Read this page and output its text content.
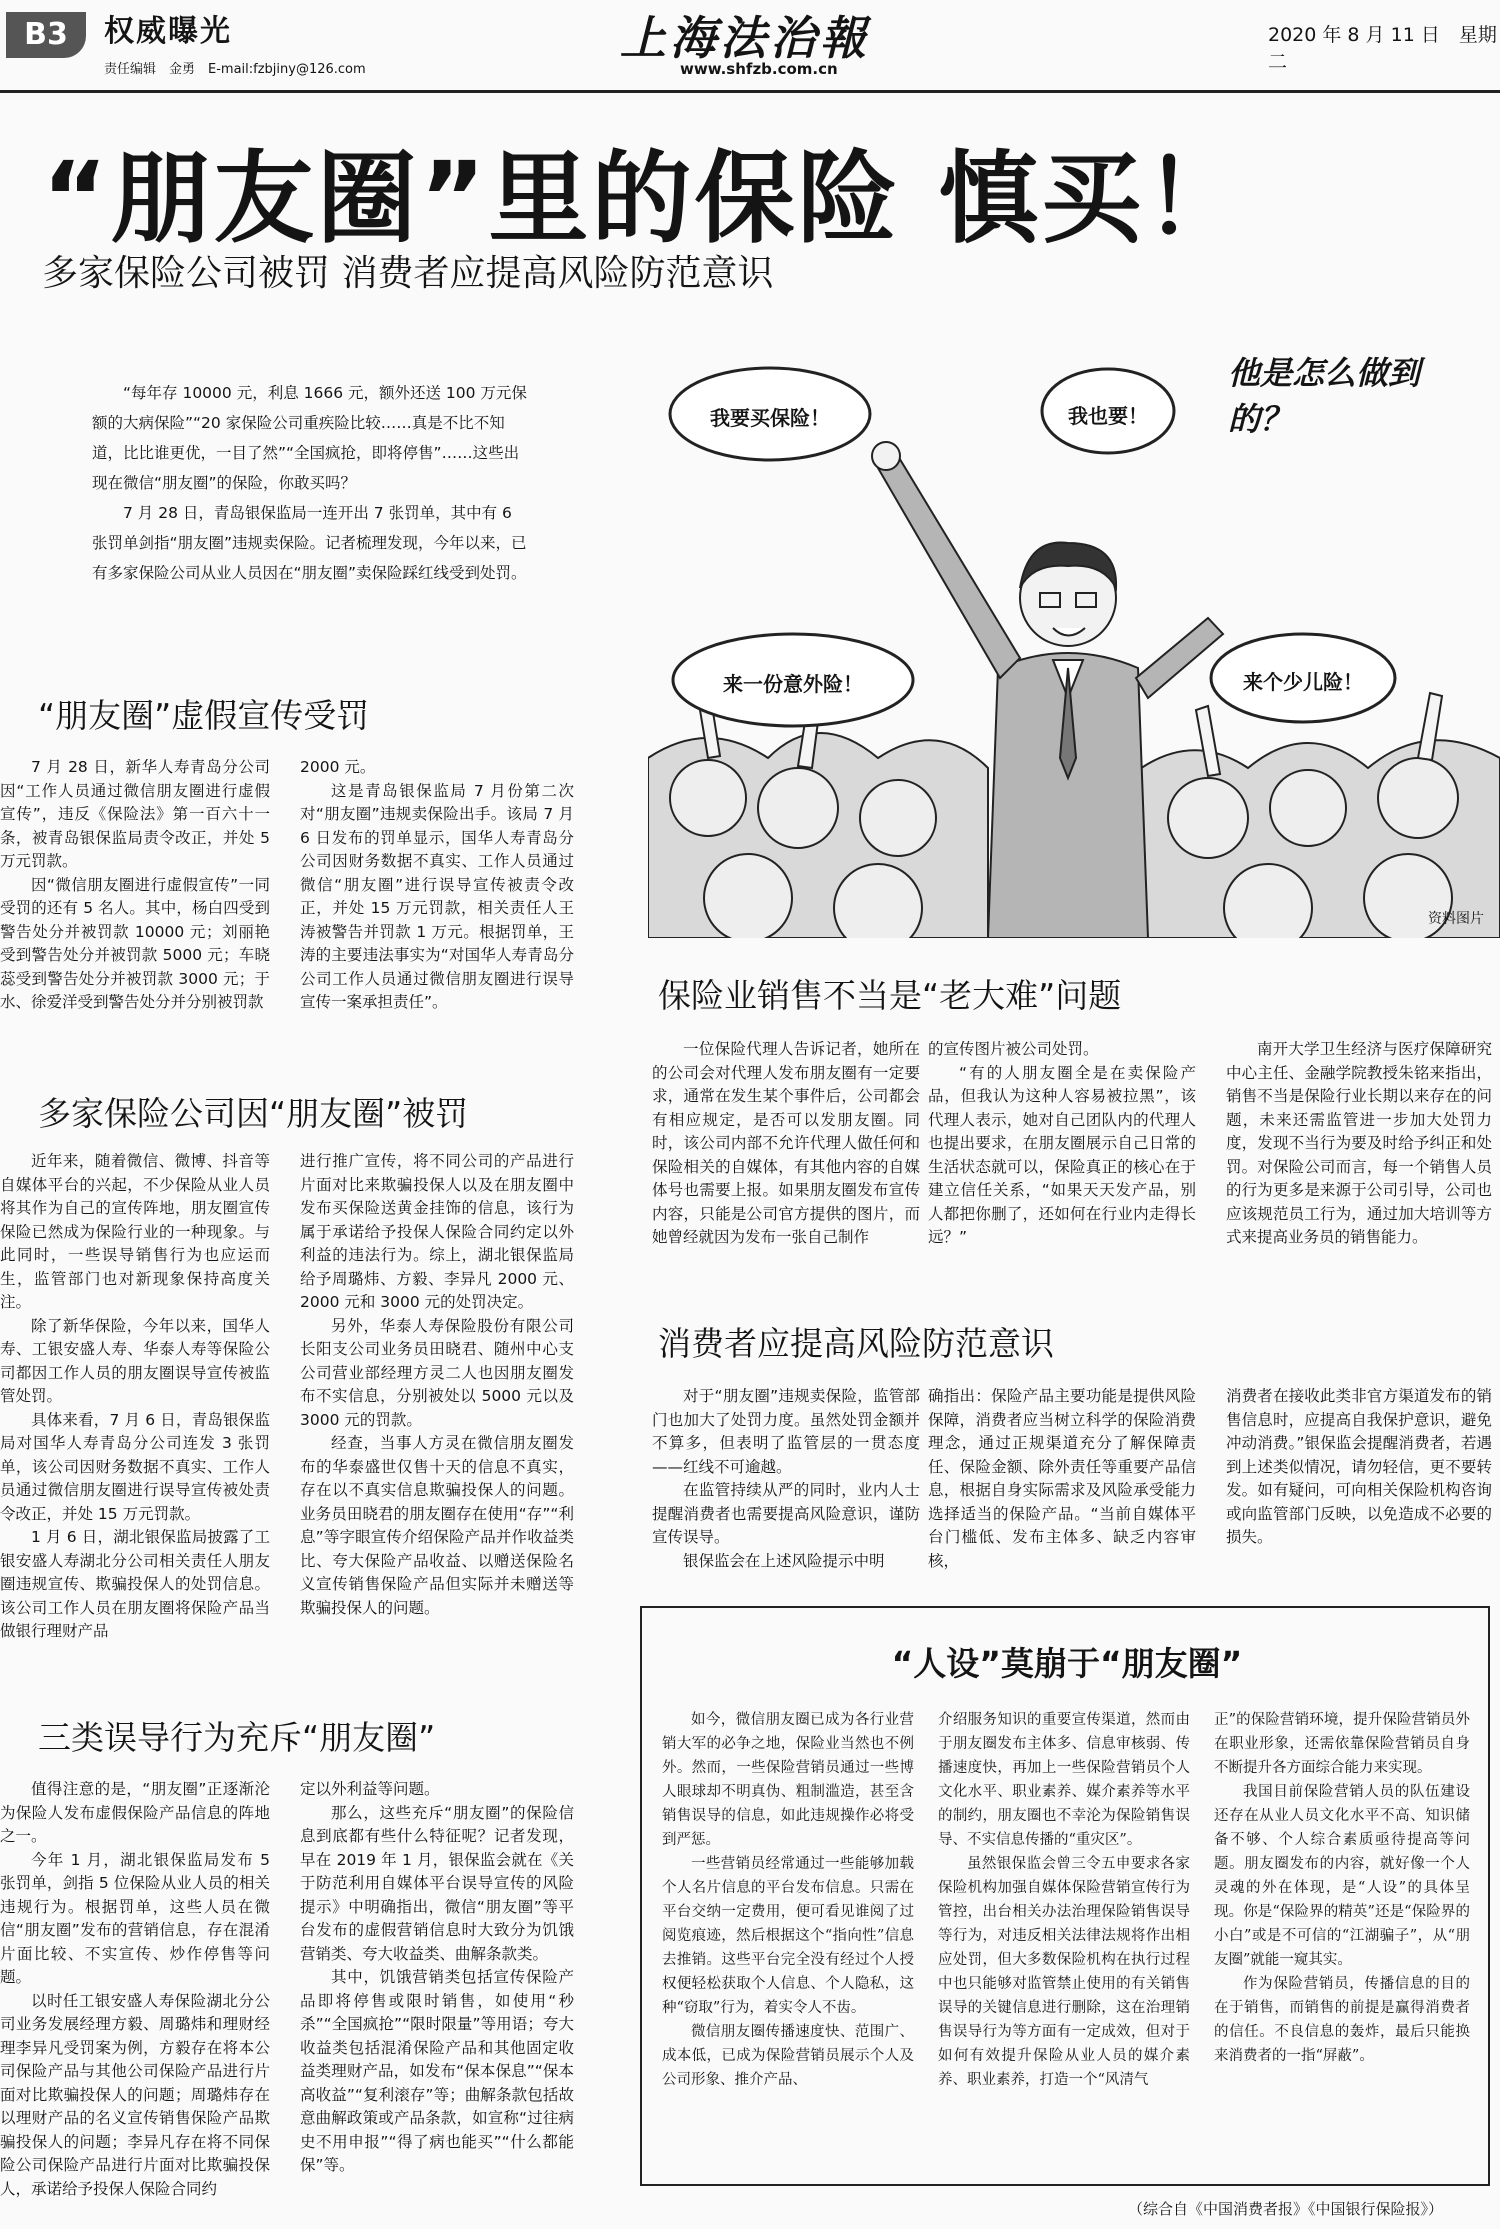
B3	权威曝光
责任编辑　金勇　E-mail:fzbjiny@126.com
上海法治報
www.shfzb.com.cn
2020 年 8 月 11 日　星期二
“朋友圈”里的保险 慎买！
多家保险公司被罚 消费者应提高风险防范意识

“每年存 10000 元，利息 1666 元，额外还送 100 万元保额的大病保险”“20 家保险公司重疾险比较……真是不比不知道，比比谁更优，一目了然”“全国疯抢，即将停售”……这些出现在微信“朋友圈”的保险，你敢买吗？

7 月 28 日，青岛银保监局一连开出 7 张罚单，其中有 6 张罚单剑指“朋友圈”违规卖保险。记者梳理发现，今年以来，已有多家保险公司从业人员因在“朋友圈”卖保险踩红线受到处罚。

我要买保险！	我也要！
他是怎么做到的？
来一份意外险！	来个少儿险！
资料图片
“朋友圈”虚假宣传受罚

7 月 28 日，新华人寿青岛分公司因“工作人员通过微信朋友圈进行虚假宣传”，违反《保险法》第一百六十一条，被青岛银保监局责令改正，并处 5 万元罚款。

因“微信朋友圈进行虚假宣传”一同受罚的还有 5 名人。其中，杨白四受到警告处分并被罚款 10000 元；刘丽艳受到警告处分并被罚款 5000 元；车晓蕊受到警告处分并被罚款 3000 元；于水、徐爱洋受到警告处分并分别被罚款

2000 元。

这是青岛银保监局 7 月份第二次对“朋友圈”违规卖保险出手。该局 7 月 6 日发布的罚单显示，国华人寿青岛分公司因财务数据不真实、工作人员通过微信“朋友圈”进行误导宣传被责令改正，并处 15 万元罚款，相关责任人王涛被警告并罚款 1 万元。根据罚单，王涛的主要违法事实为“对国华人寿青岛分公司工作人员通过微信朋友圈进行误导宣传一案承担责任”。

多家保险公司因“朋友圈”被罚

近年来，随着微信、微博、抖音等自媒体平台的兴起，不少保险从业人员将其作为自己的宣传阵地，朋友圈宣传保险已然成为保险行业的一种现象。与此同时，一些误导销售行为也应运而生，监管部门也对新现象保持高度关注。

除了新华保险，今年以来，国华人寿、工银安盛人寿、华泰人寿等保险公司都因工作人员的朋友圈误导宣传被监管处罚。

具体来看，7 月 6 日，青岛银保监局对国华人寿青岛分公司连发 3 张罚单，该公司因财务数据不真实、工作人员通过微信朋友圈进行误导宣传被处责令改正，并处 15 万元罚款。

1 月 6 日，湖北银保监局披露了工银安盛人寿湖北分公司相关责任人朋友圈违规宣传、欺骗投保人的处罚信息。该公司工作人员在朋友圈将保险产品当做银行理财产品

进行推广宣传，将不同公司的产品进行片面对比来欺骗投保人以及在朋友圈中发布买保险送黄金挂饰的信息，该行为属于承诺给予投保人保险合同约定以外利益的违法行为。综上，湖北银保监局给予周璐炜、方毅、李异凡 2000 元、2000 元和 3000 元的处罚决定。

另外，华泰人寿保险股份有限公司长阳支公司业务员田晓君、随州中心支公司营业部经理方灵二人也因朋友圈发布不实信息，分别被处以 5000 元以及 3000 元的罚款。

经查，当事人方灵在微信朋友圈发布的华泰盛世仅售十天的信息不真实，存在以不真实信息欺骗投保人的问题。业务员田晓君的朋友圈存在使用“存”“利息”等字眼宣传介绍保险产品并作收益类比、夸大保险产品收益、以赠送保险名义宣传销售保险产品但实际并未赠送等欺骗投保人的问题。

三类误导行为充斥“朋友圈”

值得注意的是，“朋友圈”正逐渐沦为保险人发布虚假保险产品信息的阵地之一。

今年 1 月，湖北银保监局发布 5 张罚单，剑指 5 位保险从业人员的相关违规行为。根据罚单，这些人员在微信“朋友圈”发布的营销信息，存在混淆片面比较、不实宣传、炒作停售等问题。

以时任工银安盛人寿保险湖北分公司业务发展经理方毅、周璐炜和理财经理李异凡受罚案为例，方毅存在将本公司保险产品与其他公司保险产品进行片面对比欺骗投保人的问题；周璐炜存在以理财产品的名义宣传销售保险产品欺骗投保人的问题；李异凡存在将不同保险公司保险产品进行片面对比欺骗投保人，承诺给予投保人保险合同约

定以外利益等问题。

那么，这些充斥“朋友圈”的保险信息到底都有些什么特征呢？记者发现，早在 2019 年 1 月，银保监会就在《关于防范利用自媒体平台误导宣传的风险提示》中明确指出，微信“朋友圈”等平台发布的虚假营销信息时大致分为饥饿营销类、夸大收益类、曲解条款类。

其中，饥饿营销类包括宣传保险产品即将停售或限时销售，如使用“秒杀”“全国疯抢”“限时限量”等用语；夸大收益类包括混淆保险产品和其他固定收益类理财产品，如发布“保本保息”“保本高收益”“复利滚存”等；曲解条款包括故意曲解政策或产品条款，如宣称“过往病史不用申报”“得了病也能买”“什么都能保”等。

保险业销售不当是“老大难”问题

一位保险代理人告诉记者，她所在的公司会对代理人发布朋友圈有一定要求，通常在发生某个事件后，公司都会有相应规定，是否可以发朋友圈。同时，该公司内部不允许代理人做任何和保险相关的自媒体，有其他内容的自媒体号也需要上报。如果朋友圈发布宣传内容，只能是公司官方提供的图片，而她曾经就因为发布一张自己制作

的宣传图片被公司处罚。

“有的人朋友圈全是在卖保险产品，但我认为这种人容易被拉黑”，该代理人表示，她对自己团队内的代理人也提出要求，在朋友圈展示自己日常的生活状态就可以，保险真正的核心在于建立信任关系，“如果天天发产品，别人都把你删了，还如何在行业内走得长远？”

南开大学卫生经济与医疗保障研究中心主任、金融学院教授朱铭来指出，销售不当是保险行业长期以来存在的问题，未来还需监管进一步加大处罚力度，发现不当行为要及时给予纠正和处罚。对保险公司而言，每一个销售人员的行为更多是来源于公司引导，公司也应该规范员工行为，通过加大培训等方式来提高业务员的销售能力。

消费者应提高风险防范意识

对于“朋友圈”违规卖保险，监管部门也加大了处罚力度。虽然处罚金额并不算多，但表明了监管层的一贯态度——红线不可逾越。

在监管持续从严的同时，业内人士提醒消费者也需要提高风险意识，谨防宣传误导。

银保监会在上述风险提示中明

确指出：保险产品主要功能是提供风险保障，消费者应当树立科学的保险消费理念，通过正规渠道充分了解保障责任、保险金额、除外责任等重要产品信息，根据自身实际需求及风险承受能力选择适当的保险产品。“当前自媒体平台门槛低、发布主体多、缺乏内容审核，

消费者在接收此类非官方渠道发布的销售信息时，应提高自我保护意识，避免冲动消费。”银保监会提醒消费者，若遇到上述类似情况，请勿轻信，更不要转发。如有疑问，可向相关保险机构咨询或向监管部门反映，以免造成不必要的损失。

“人设”莫崩于“朋友圈”

如今，微信朋友圈已成为各行业营销大军的必争之地，保险业当然也不例外。然而，一些保险营销员通过一些博人眼球却不明真伪、粗制滥造，甚至含销售误导的信息，如此违规操作必将受到严惩。

一些营销员经常通过一些能够加载个人名片信息的平台发布信息。只需在平台交纳一定费用，便可看见谁阅了过阅览痕迹，然后根据这个“指向性”信息去推销。这些平台完全没有经过个人授权便轻松获取个人信息、个人隐私，这种“窃取”行为，着实令人不齿。

微信朋友圈传播速度快、范围广、成本低，已成为保险营销员展示个人及公司形象、推介产品、

介绍服务知识的重要宣传渠道，然而由于朋友圈发布主体多、信息审核弱、传播速度快，再加上一些保险营销员个人文化水平、职业素养、媒介素养等水平的制约，朋友圈也不幸沦为保险销售误导、不实信息传播的“重灾区”。

虽然银保监会曾三令五申要求各家保险机构加强自媒体保险营销宣传行为管控，出台相关办法治理保险销售误导等行为，对违反相关法律法规将作出相应处罚，但大多数保险机构在执行过程中也只能够对监管禁止使用的有关销售误导的关键信息进行删除，这在治理销售误导行为等方面有一定成效，但对于如何有效提升保险从业人员的媒介素养、职业素养，打造一个“风清气

正”的保险营销环境，提升保险营销员外在职业形象，还需依靠保险营销员自身不断提升各方面综合能力来实现。

我国目前保险营销人员的队伍建设还存在从业人员文化水平不高、知识储备不够、个人综合素质亟待提高等问题。朋友圈发布的内容，就好像一个人灵魂的外在体现，是“人设”的具体呈现。你是“保险界的精英”还是“保险界的小白”或是不可信的“江湖骗子”，从“朋友圈”就能一窥其实。

作为保险营销员，传播信息的目的在于销售，而销售的前提是赢得消费者的信任。不良信息的轰炸，最后只能换来消费者的一指“屏蔽”。

（综合自《中国消费者报》《中国银行保险报》）
